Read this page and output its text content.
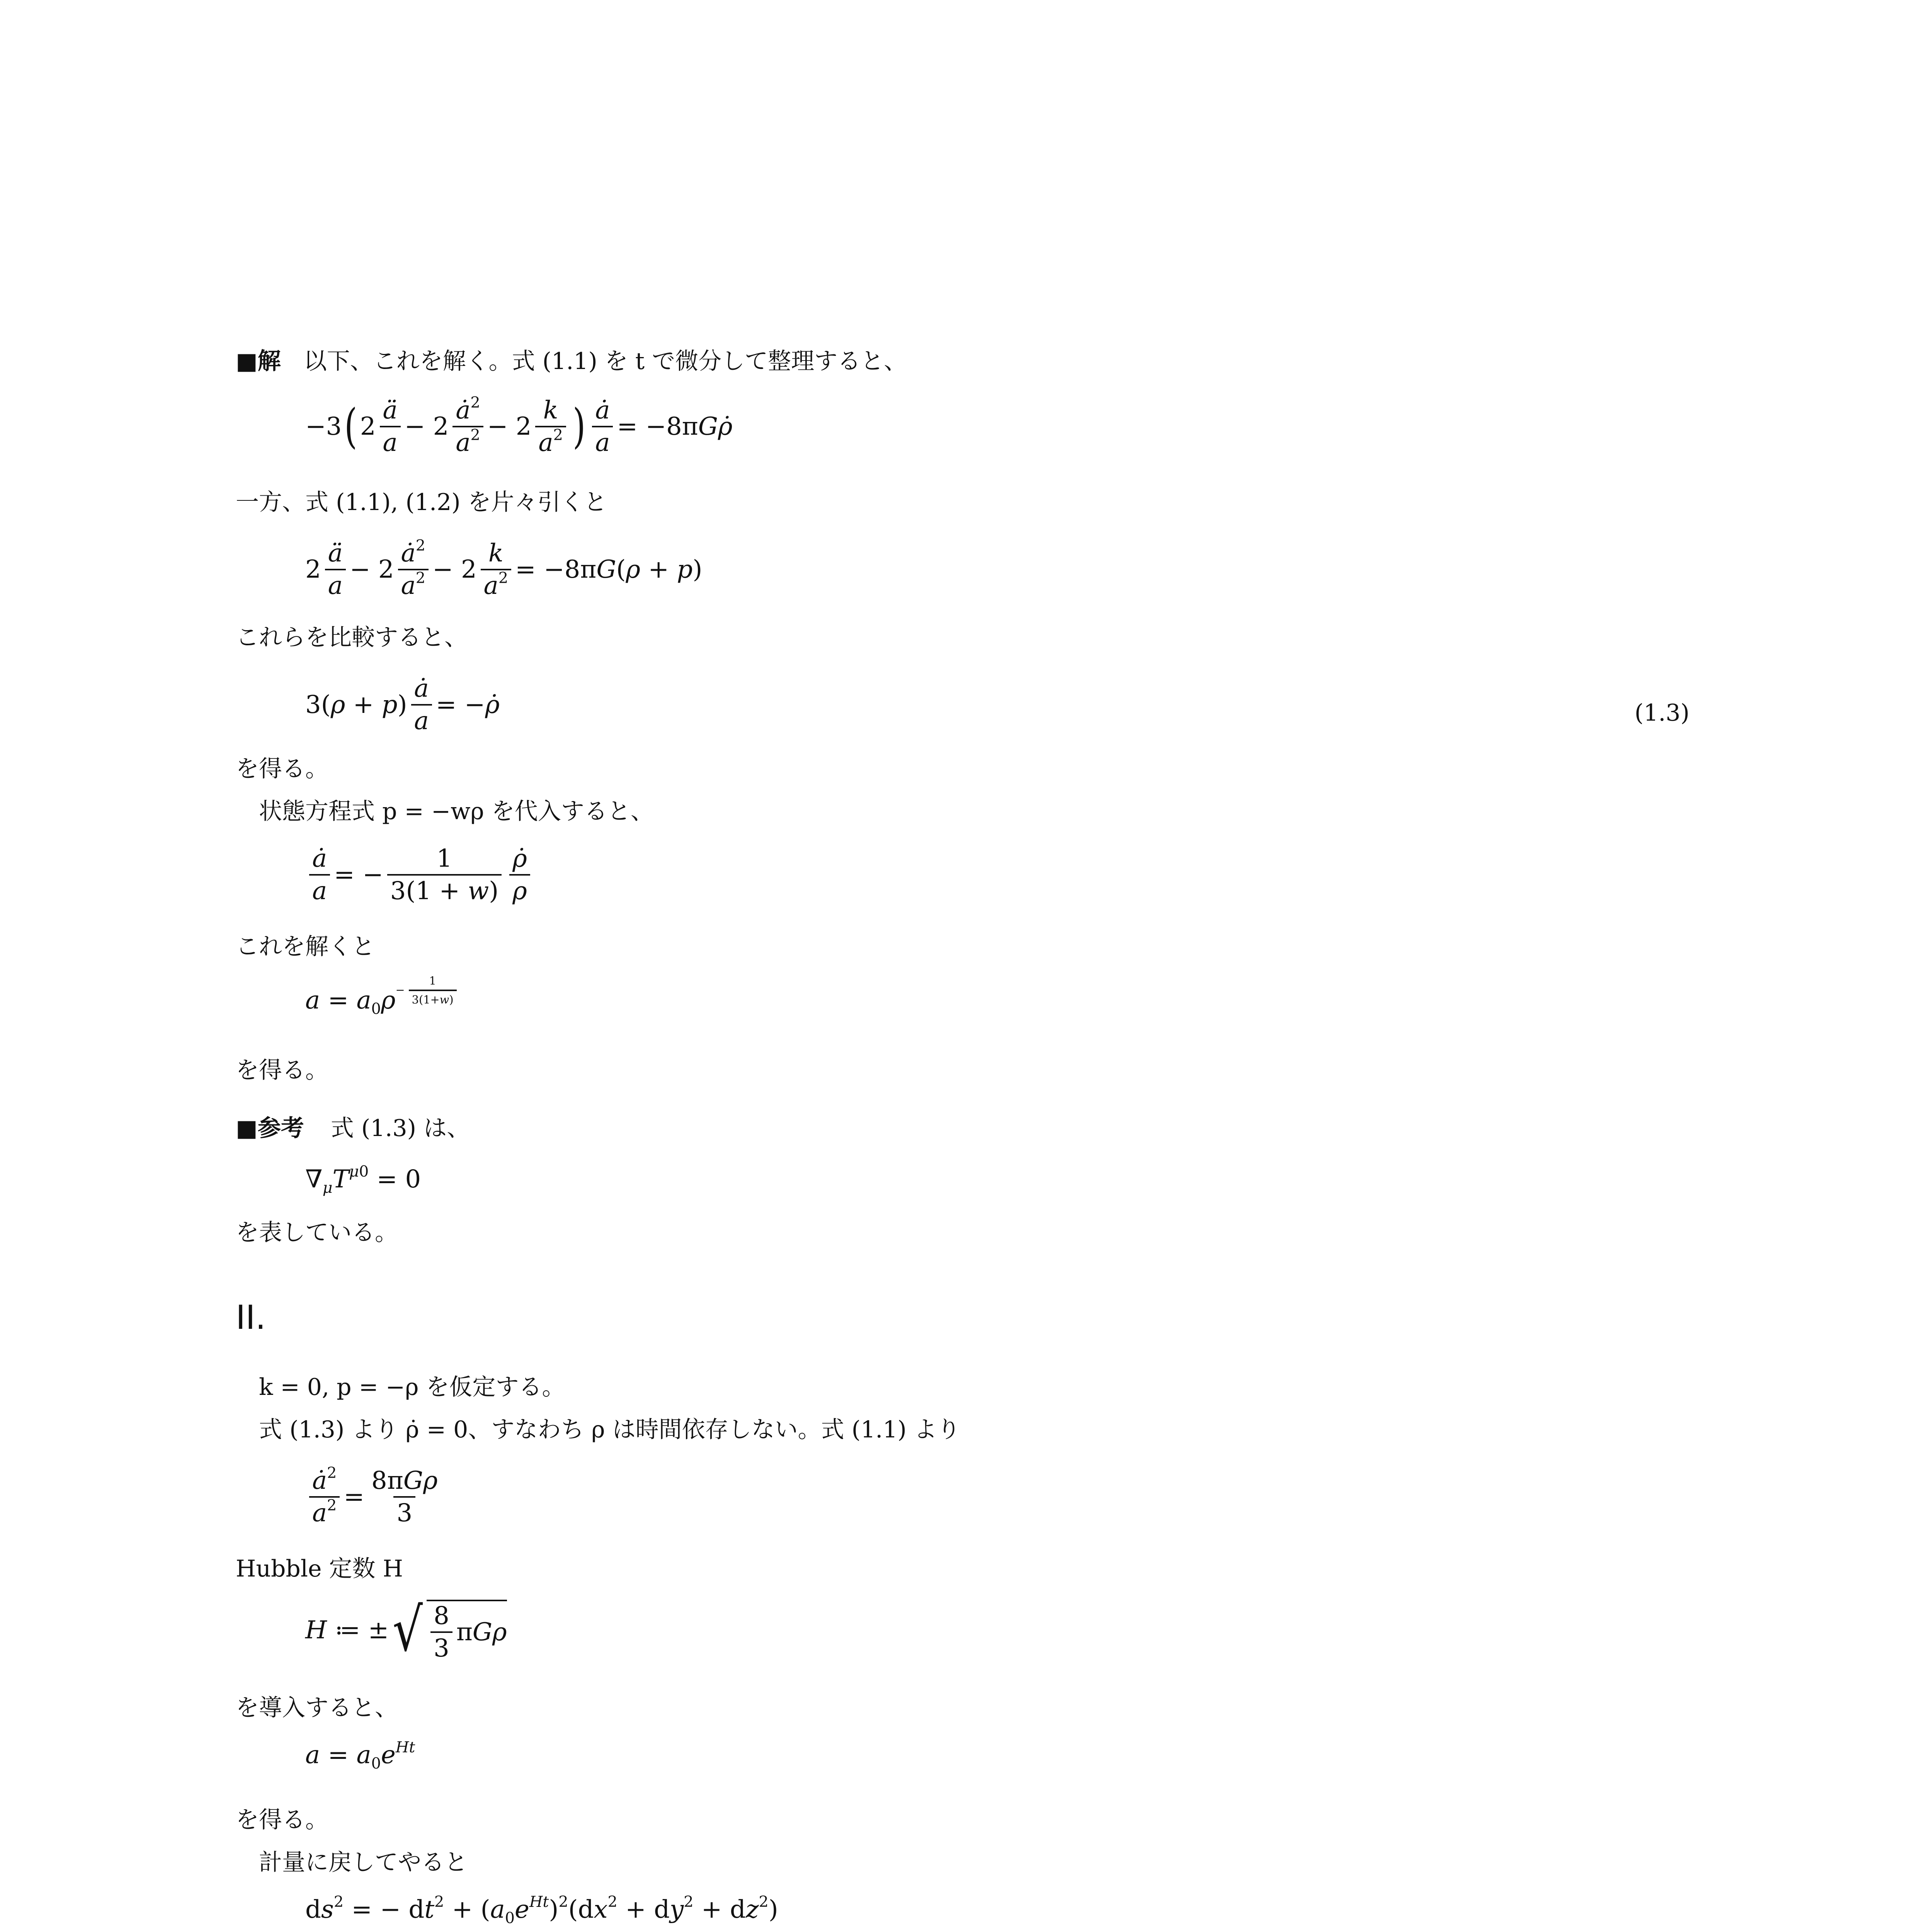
■解 以下、これを解く。式 (1.1) を t で微分して整理すると、
−3 ( $2 \frac{ä}{a} - 2 \frac{ȧ^2}{a^2} - 2 \frac{k}{a^2}$ ) $\frac{ȧ}{a}$ = −8πGρ̇
一方、式 (1.1), (1.2) を片々引くと
$2 \frac{ä}{a} - 2 \frac{ȧ^2}{a^2} - 2 \frac{k}{a^2} = -8\pi G(\rho + p)$
これらを比較すると、
$3(\rho + p) \frac{ȧ}{a}$ = −ρ̇	(1.3)
を得る。
状態方程式 p = −wρ を代入すると、
$\frac{ȧ}{a}$ = − $\frac{1}{3(1 + w)} \frac{\rhȯ}{\rho}$
これを解くと
$a = a_0\rho - \frac{1}{3(1+w)}$
を得る。
■参考 式 (1.3) は、
$\nabla_\mu T^{\mu 0} = 0$
を表している。
II.
k = 0, p = −ρ を仮定する。
式 (1.3) より ρ̇ = 0、すなわち ρ は時間依存しない。式 (1.1) より
$\frac{ȧ^2}{a^2} = \frac{\text{8πGρ}}{3}$
Hubble 定数 H
H ≔ ± √ $\frac{8}{3}$ πGρ
を導入すると、
$a = a_0e^{Ht}$
を得る。
計量に戻してやると
$ds^2$ = − $dt^2 + (a_0e^{Ht})^2(dx^2 + dy^2 + dz^2)$
